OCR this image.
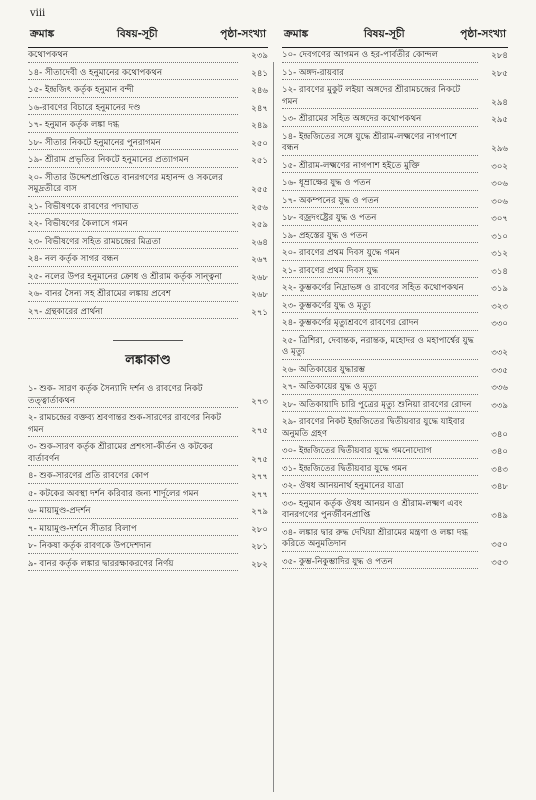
viii
ক্রমাঙ্ক	বিষয়-সূচী	পৃষ্ঠা-সংখ্যা
কথোপকথন	২৩৯
১৪- সীতাদেবী ও হনুমানের কথোপকথন	২৪১
১৫- ইন্দ্রজিৎ কর্তৃক হনুমান বন্দী	২৪৬
১৬-রাবণের বিচারে হনুমানের দণ্ড	২৪৭
১৭- হনুমান কর্তৃক লঙ্কা দগ্ধ	২৪৯
১৮- সীতার নিকটে হনুমানের পুনরাগমন	২৫০
১৯- শ্রীরাম প্রভৃতির নিকটে হনুমানের প্রত্যাগমন	২৫১
২০- সীতার উদ্দেশপ্রাপ্তিতে বানরগণের মহানন্দ ও সকলের সমুদ্রতীরে বাস	২৫৫
২১- বিভীষণকে রাবণের পদাঘাত	২৫৬
২২- বিভীষণের কৈলাসে গমন	২৫৯
২৩- বিভীষণের সহিত রামচন্দ্রের মিত্রতা	২৬৪
২৪- নল কর্তৃক সাগর বন্ধন	২৬৭
২৫- নলের উপর হনুমানের ক্রোধ ও শ্রীরাম কর্তৃক সান্ত্বনা	২৬৮
২৬- বানর সৈন্য সহ শ্রীরামের লঙ্কায় প্রবেশ	২৬৮
২৭- গ্রন্থকারের প্রার্থনা	২৭১
লঙ্কাকাণ্ড
১- শুক- সারণ কর্তৃক সৈন্যাদি দর্শন ও রাবণের নিকট তত্ত্বার্তাকথন	২৭৩
২- রামচন্দ্রের বক্তব্য শ্রবণান্তর শুক-সারণের রাবণের নিকট গমন	২৭৫
৩- শুক-সারণ কর্তৃক শ্রীরামের প্রশংসা-কীর্তন ও কটকের বার্তাবর্ণন	২৭৫
৪- শুক-সারণের প্রতি রাবণের কোপ	২৭৭
৫- কটকের অবস্থা দর্শন করিবার জন্য শার্দূলের গমন	২৭৭
৬- মায়ামুণ্ড-প্রদর্শন	২৭৯
৭- মায়ামুণ্ড-দর্শনে সীতার বিলাপ	২৮০
৮- নিকষা কর্তৃক রাবণকে উপদেশদান	২৮১
৯- বানর কর্তৃক লঙ্কার দ্বাররক্ষাকরণের নির্ণয়	২৮২
ক্রমাঙ্ক	বিষয়-সূচী	পৃষ্ঠা-সংখ্যা
১০- দেবগণের আগমন ও হর-পার্বতীর কোন্দল	২৮৪
১১- অঙ্গদ-রায়বার	২৮৫
১২- রাবণের মুকুট লইয়া অঙ্গদের শ্রীরামচন্দ্রের নিকটে গমন	২৯৪
১৩- শ্রীরামের সহিত অঙ্গদের কথোপকথন	২৯৫
১৪- ইন্দ্রজিতের সঙ্গে যুদ্ধে শ্রীরাম-লক্ষ্মণের নাগপাশে বন্ধন	২৯৬
১৫- শ্রীরাম-লক্ষ্মণের নাগপাশ হইতে মুক্তি	৩০২
১৬- ধূম্রাক্ষের যুদ্ধ ও পতন	৩০৬
১৭- অকম্পনের যুদ্ধ ও পতন	৩০৬
১৮- বজ্রদংষ্ট্রের যুদ্ধ ও পতন	৩০৭
১৯- প্রহস্তের যুদ্ধ ও পতন	৩১০
২০- রাবণের প্রথম দিবস যুদ্ধে গমন	৩১২
২১- রাবণের প্রথম দিবস যুদ্ধ	৩১৪
২২- কুম্ভকর্ণের নিদ্রাভঙ্গ ও রাবণের সহিত কথোপকথন	৩১৯
২৩- কুম্ভকর্ণের যুদ্ধ ও মৃত্যু	৩২৩
২৪- কুম্ভকর্ণের মৃত্যুশ্রবণে রাবণের রোদন	৩৩০
২৫- ত্রিশিরা, দেবান্তক, নরান্তক, মহোদর ও মহাপার্শ্বের যুদ্ধ ও মৃত্যু	৩৩২
২৬- অতিকায়ের যুদ্ধারম্ভ	৩৩৫
২৭- অতিকায়ের যুদ্ধ ও মৃত্যু	৩৩৬
২৮- অতিকায়াদি চারি পুত্রের মৃত্যু শুনিয়া রাবণের রোদন	৩৩৯
২৯- রাবণের নিকট ইন্দ্রজিতের দ্বিতীয়বার যুদ্ধে যাইবার অনুমতি গ্রহণ	৩৪০
৩০- ইন্দ্রজিতের দ্বিতীয়বার যুদ্ধে গমনোদ্যোগ	৩৪০
৩১- ইন্দ্রজিতের দ্বিতীয়বার যুদ্ধে গমন	৩৪৩
৩২- ঔষধ আনয়নার্থ হনুমানের যাত্রা	৩৪৮
৩৩- হনুমান কর্তৃক ঔষধ আনয়ন ও শ্রীরাম-লক্ষ্মণ এবং বানরগণের পুনর্জীবনপ্রাপ্তি	৩৪৯
৩৪- লঙ্কার দ্বার রুদ্ধ দেখিয়া শ্রীরামের মন্ত্রণা ও লঙ্কা দগ্ধ করিতে অনুমতিদান	৩৫০
৩৫- কুম্ভ-নিকুম্ভাদির যুদ্ধ ও পতন	৩৫৩
